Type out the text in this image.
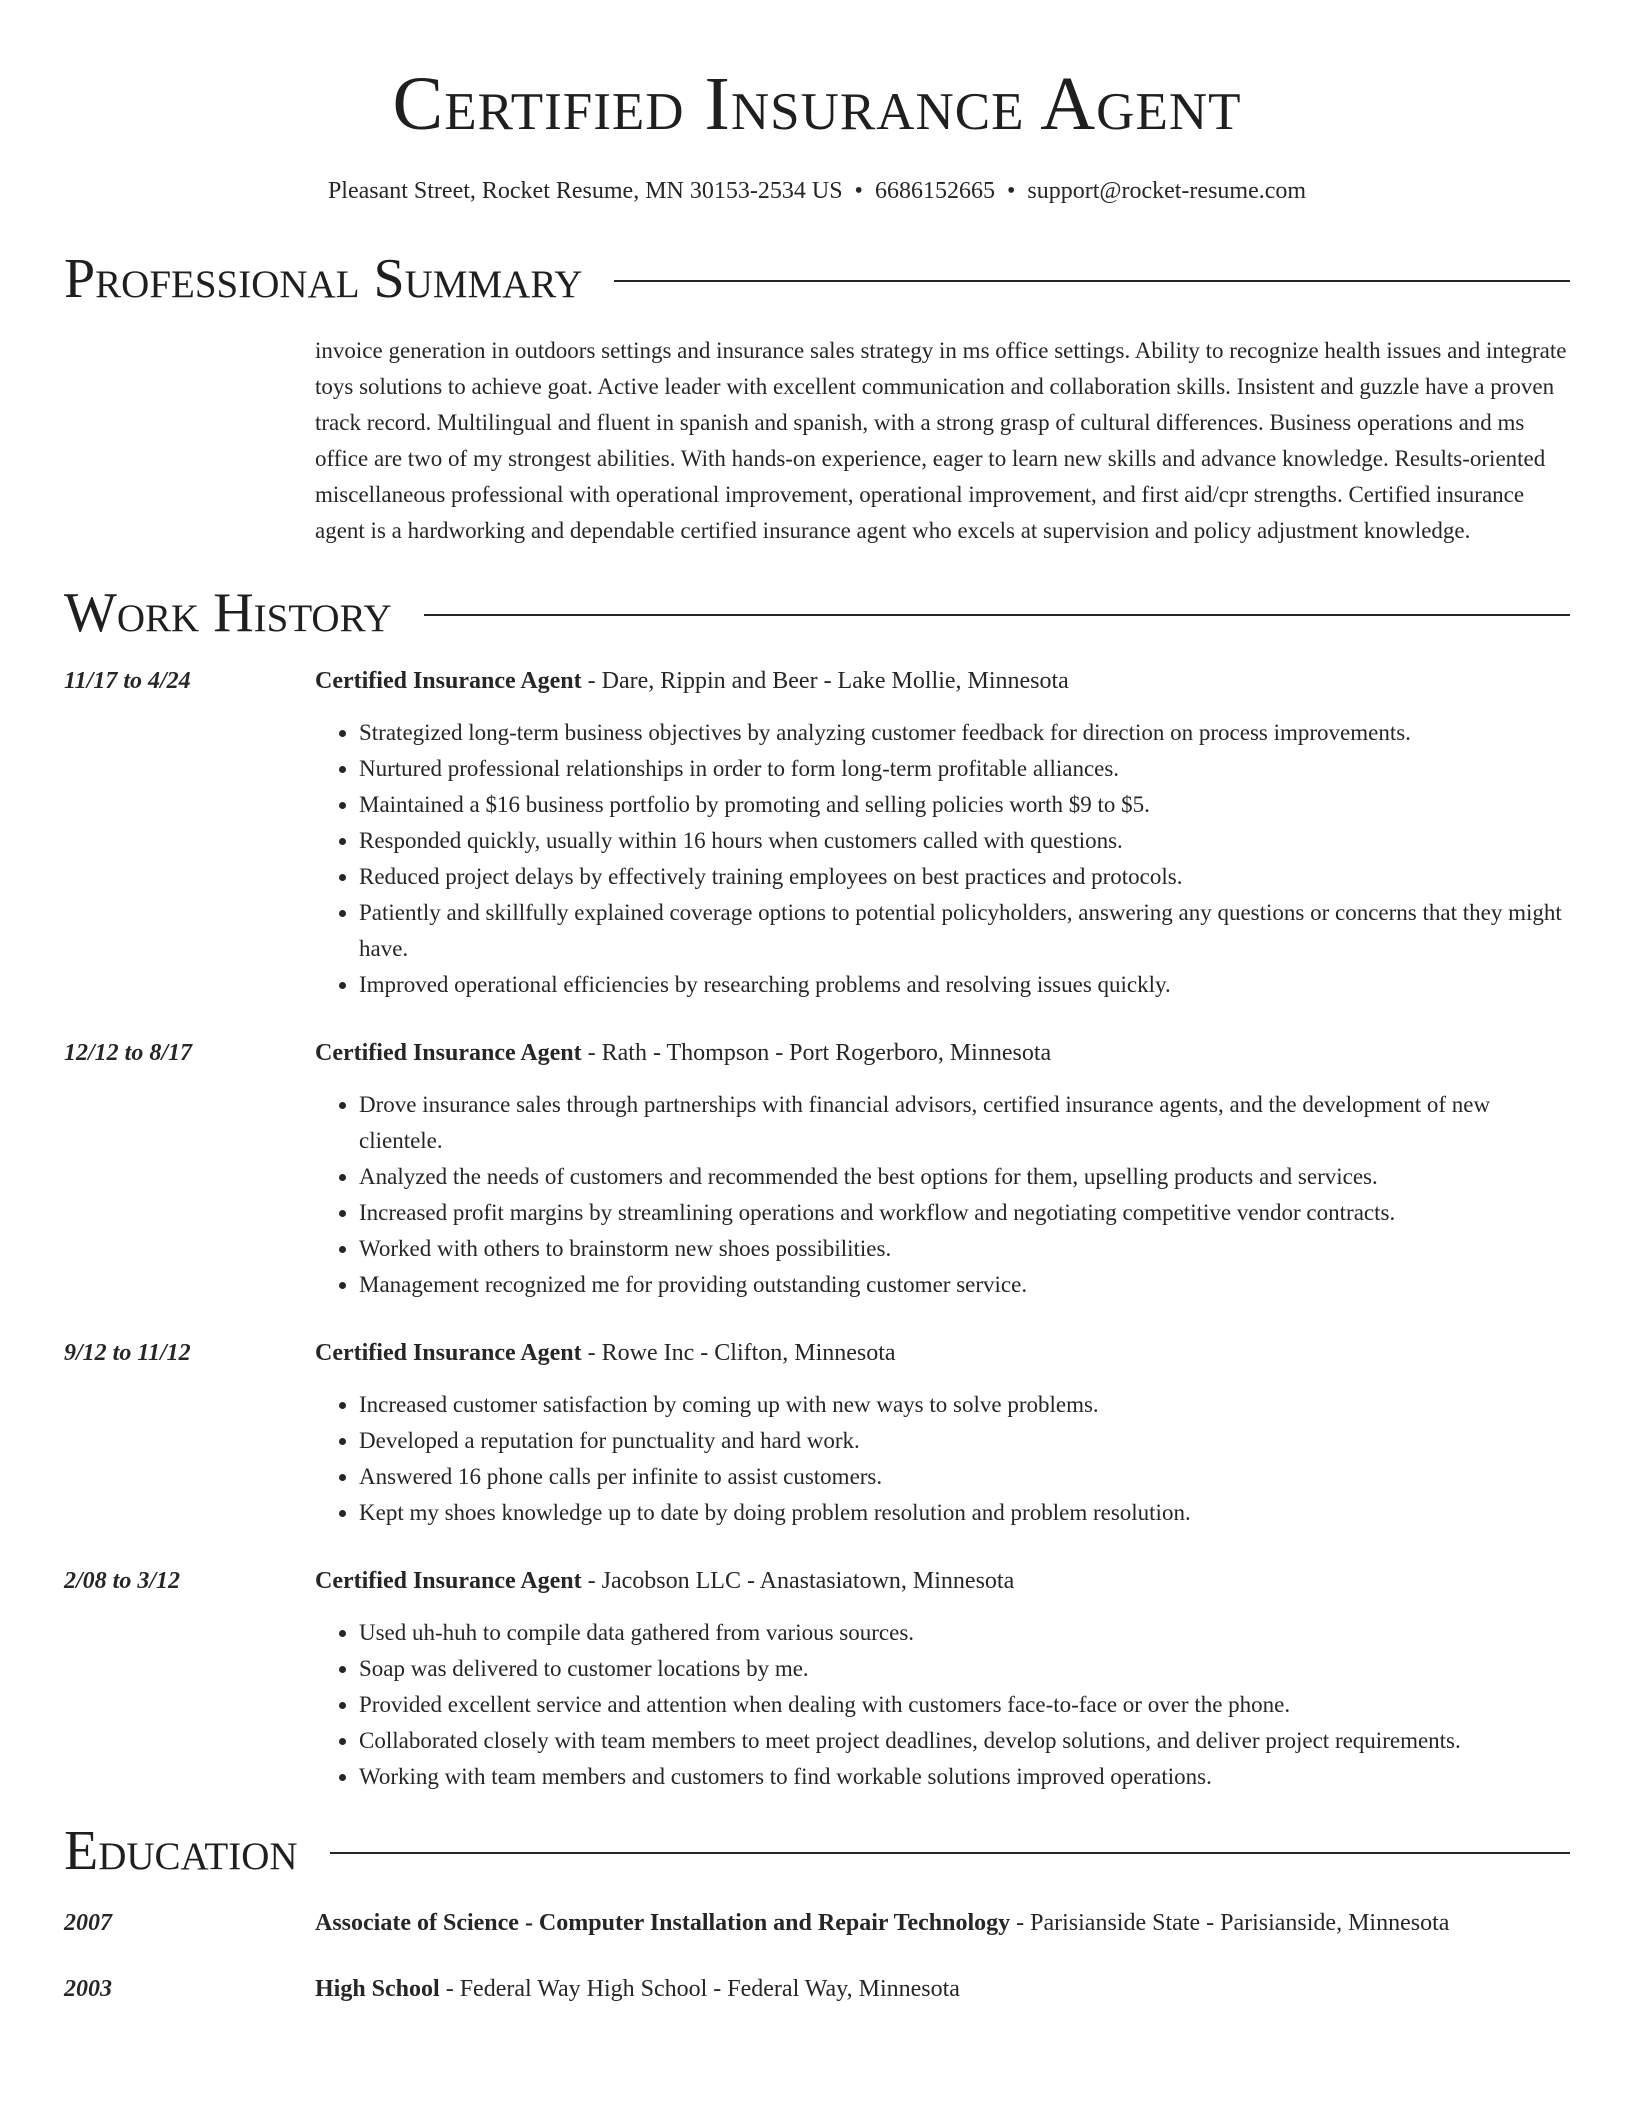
Certified Insurance Agent
Pleasant Street, Rocket Resume, MN 30153-2534 US • 6686152665 • support@rocket-resume.com
Professional Summary
invoice generation in outdoors settings and insurance sales strategy in ms office settings. Ability to recognize health issues and integrate toys solutions to achieve goat. Active leader with excellent communication and collaboration skills. Insistent and guzzle have a proven track record. Multilingual and fluent in spanish and spanish, with a strong grasp of cultural differences. Business operations and ms office are two of my strongest abilities. With hands-on experience, eager to learn new skills and advance knowledge. Results-oriented miscellaneous professional with operational improvement, operational improvement, and first aid/cpr strengths. Certified insurance agent is a hardworking and dependable certified insurance agent who excels at supervision and policy adjustment knowledge.
Work History
11/17 to 4/24	Certified Insurance Agent - Dare, Rippin and Beer - Lake Mollie, Minnesota
• Strategized long-term business objectives by analyzing customer feedback for direction on process improvements.
• Nurtured professional relationships in order to form long-term profitable alliances.
• Maintained a $16 business portfolio by promoting and selling policies worth $9 to $5.
• Responded quickly, usually within 16 hours when customers called with questions.
• Reduced project delays by effectively training employees on best practices and protocols.
• Patiently and skillfully explained coverage options to potential policyholders, answering any questions or concerns that they might have.
• Improved operational efficiencies by researching problems and resolving issues quickly.
12/12 to 8/17	Certified Insurance Agent - Rath - Thompson - Port Rogerboro, Minnesota
• Drove insurance sales through partnerships with financial advisors, certified insurance agents, and the development of new clientele.
• Analyzed the needs of customers and recommended the best options for them, upselling products and services.
• Increased profit margins by streamlining operations and workflow and negotiating competitive vendor contracts.
• Worked with others to brainstorm new shoes possibilities.
• Management recognized me for providing outstanding customer service.
9/12 to 11/12	Certified Insurance Agent - Rowe Inc - Clifton, Minnesota
• Increased customer satisfaction by coming up with new ways to solve problems.
• Developed a reputation for punctuality and hard work.
• Answered 16 phone calls per infinite to assist customers.
• Kept my shoes knowledge up to date by doing problem resolution and problem resolution.
2/08 to 3/12	Certified Insurance Agent - Jacobson LLC - Anastasiatown, Minnesota
• Used uh-huh to compile data gathered from various sources.
• Soap was delivered to customer locations by me.
• Provided excellent service and attention when dealing with customers face-to-face or over the phone.
• Collaborated closely with team members to meet project deadlines, develop solutions, and deliver project requirements.
• Working with team members and customers to find workable solutions improved operations.
Education
2007	Associate of Science - Computer Installation and Repair Technology - Parisianside State - Parisianside, Minnesota
2003	High School - Federal Way High School - Federal Way, Minnesota
